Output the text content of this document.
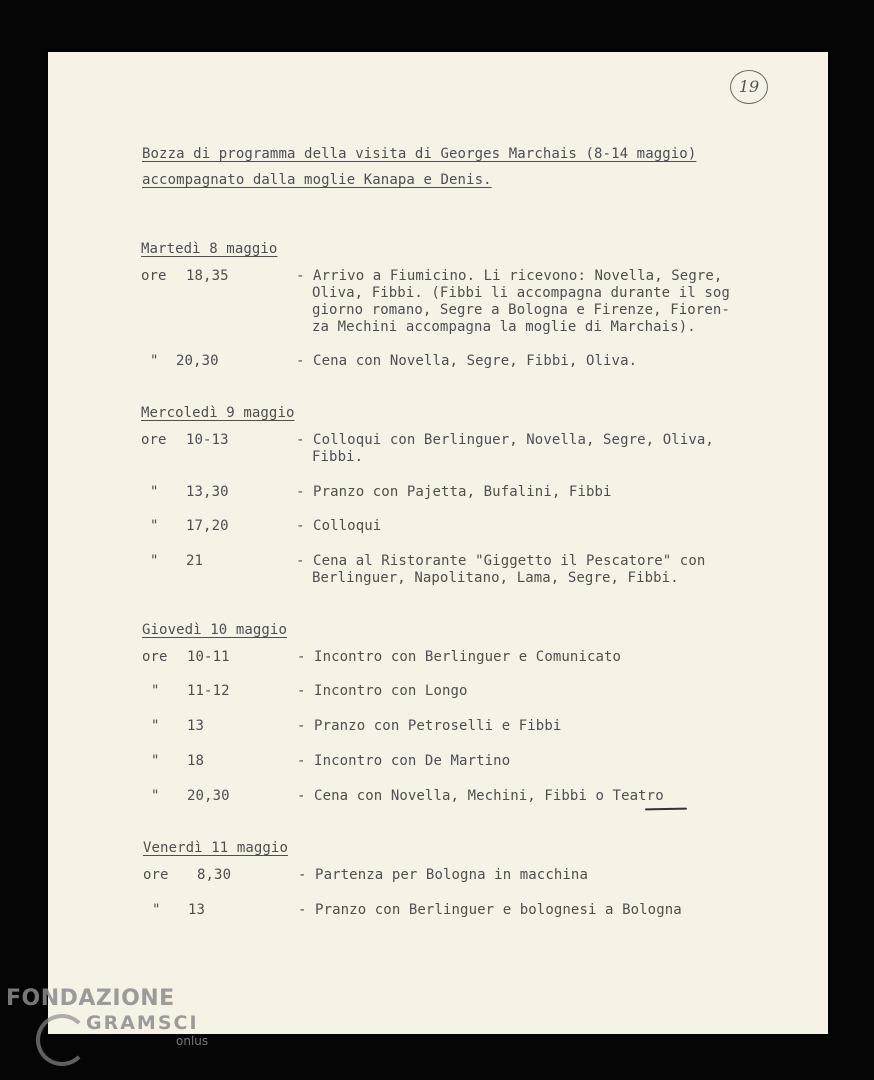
19
Bozza di programma della visita di Georges Marchais (8-14 maggio)
accompagnato dalla moglie Kanapa e Denis.
Martedì 8 maggio
ore 18,35	- Arrivo a Fiumicino. Li ricevono: Novella, Segre,
Oliva, Fibbi. (Fibbi li accompagna durante il sog
giorno romano, Segre a Bologna e Firenze, Fioren-
za Mechini accompagna la moglie di Marchais).
" 20,30	- Cena con Novella, Segre, Fibbi, Oliva.
Mercoledì 9 maggio
ore 10-13	- Colloqui con Berlinguer, Novella, Segre, Oliva,
Fibbi.
" 13,30	- Pranzo con Pajetta, Bufalini, Fibbi
" 17,20	- Colloqui
" 21	- Cena al Ristorante "Giggetto il Pescatore" con
Berlinguer, Napolitano, Lama, Segre, Fibbi.
Giovedì 10 maggio
ore 10-11	- Incontro con Berlinguer e Comunicato
" 11-12	- Incontro con Longo
" 13	- Pranzo con Petroselli e Fibbi
" 18	- Incontro con De Martino
" 20,30	- Cena con Novella, Mechini, Fibbi o Teatro
Venerdì 11 maggio
ore 8,30	- Partenza per Bologna in macchina
" 13	- Pranzo con Berlinguer e bolognesi a Bologna
FONDAZIONE
GRAMSCI
onlus
